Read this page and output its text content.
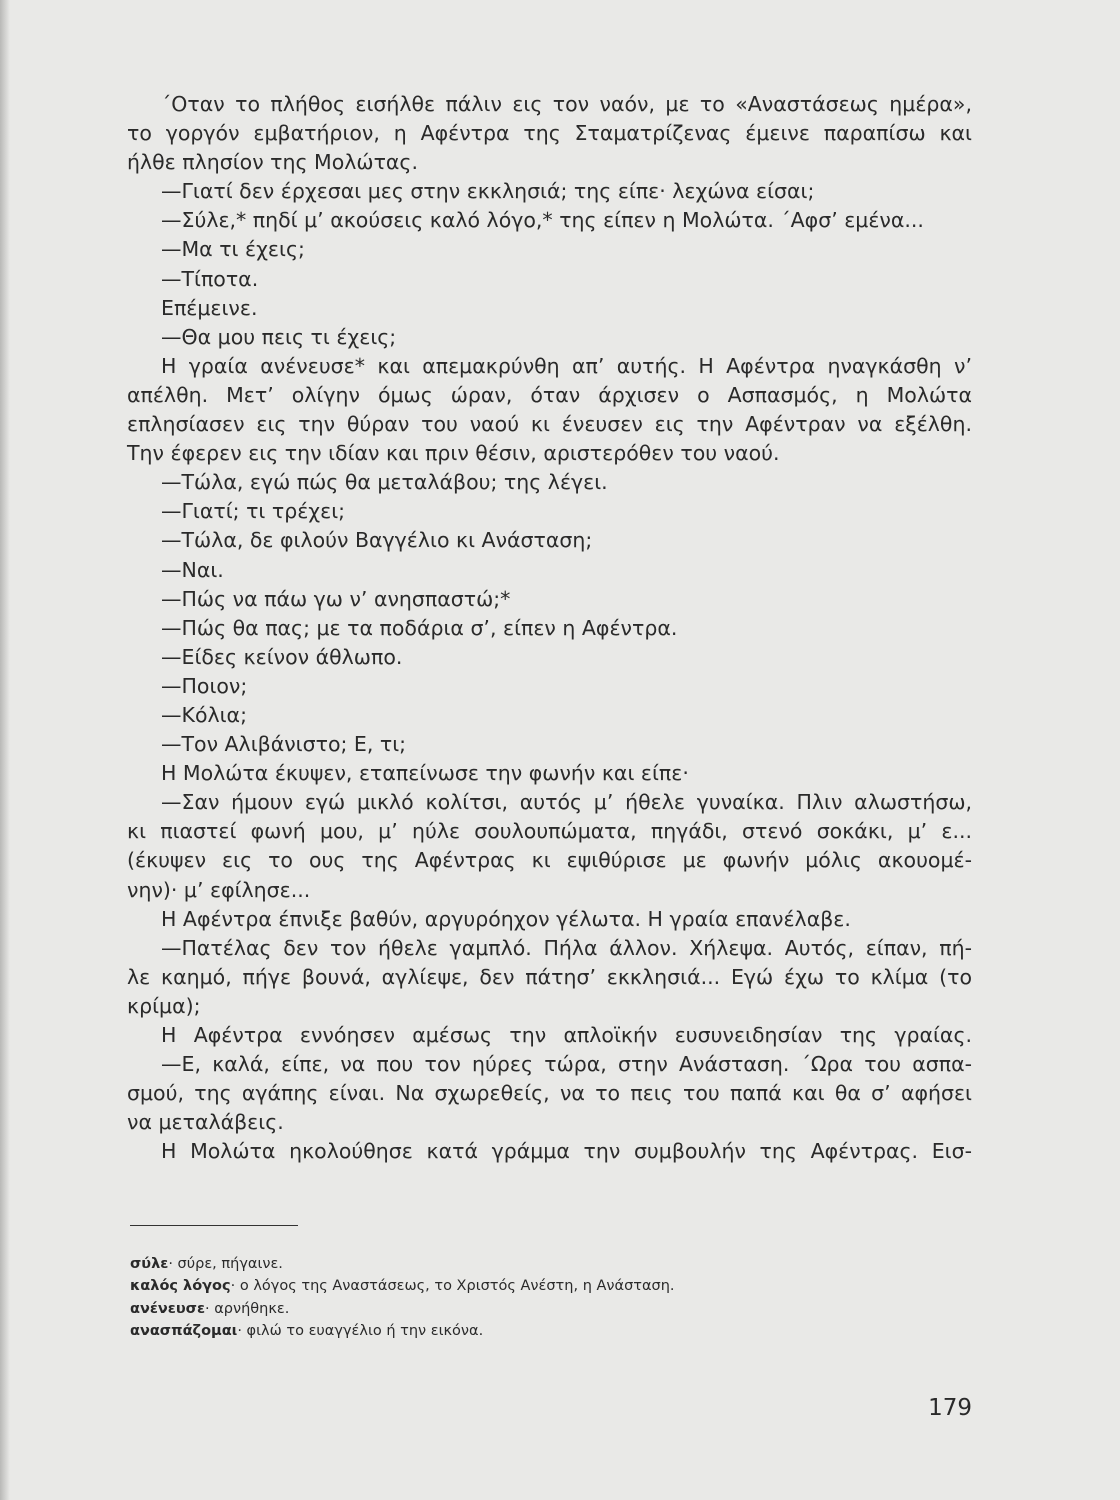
΄Οταν το πλήθος εισήλθε πάλιν εις τον ναόν, με το «Αναστάσεως ημέρα»,
το γοργόν εμβατήριον, η Αφέντρα της Σταματρίζενας έμεινε παραπίσω και
ήλθε πλησίον της Μολώτας.
—Γιατί δεν έρχεσαι μες στην εκκλησιά; της είπε· λεχώνα είσαι;
—Σύλε,* πηδί μ’ ακούσεις καλό λόγο,* της είπεν η Μολώτα. ΄Αφσ’ εμένα...
—Μα τι έχεις;
—Τίποτα.
Επέμεινε.
—Θα μου πεις τι έχεις;
Η γραία ανένευσε* και απεμακρύνθη απ’ αυτής. Η Αφέντρα ηναγκάσθη ν’
απέλθη. Μετ’ ολίγην όμως ώραν, όταν άρχισεν ο Ασπασμός, η Μολώτα
επλησίασεν εις την θύραν του ναού κι ένευσεν εις την Αφέντραν να εξέλθη.
Την έφερεν εις την ιδίαν και πριν θέσιν, αριστερόθεν του ναού.
—Τώλα, εγώ πώς θα μεταλάβου; της λέγει.
—Γιατί; τι τρέχει;
—Τώλα, δε φιλούν Βαγγέλιο κι Ανάσταση;
—Ναι.
—Πώς να πάω γω ν’ ανησπαστώ;*
—Πώς θα πας; με τα ποδάρια σ’, είπεν η Αφέντρα.
—Είδες κείνον άθλωπο.
—Ποιον;
—Κόλια;
—Τον Αλιβάνιστο; Ε, τι;
Η Μολώτα έκυψεν, εταπείνωσε την φωνήν και είπε·
—Σαν ήμουν εγώ μικλό κολίτσι, αυτός μ’ ήθελε γυναίκα. Πλιν αλωστήσω,
κι πιαστεί φωνή μου, μ’ ηύλε σουλουπώματα, πηγάδι, στενό σοκάκι, μ’ ε...
(έκυψεν εις το ους της Αφέντρας κι εψιθύρισε με φωνήν μόλις ακουομέ-
νην)· μ’ εφίλησε...
Η Αφέντρα έπνιξε βαθύν, αργυρόηχον γέλωτα. Η γραία επανέλαβε.
—Πατέλας δεν τον ήθελε γαμπλό. Πήλα άλλον. Χήλεψα. Αυτός, είπαν, πή-
λε καημό, πήγε βουνά, αγλίεψε, δεν πάτησ’ εκκλησιά... Εγώ έχω το κλίμα (το
κρίμα);
Η Αφέντρα εννόησεν αμέσως την απλοϊκήν ευσυνειδησίαν της γραίας.
—Ε, καλά, είπε, να που τον ηύρες τώρα, στην Ανάσταση. ΄Ωρα του ασπα-
σμού, της αγάπης είναι. Να σχωρεθείς, να το πεις του παπά και θα σ’ αφήσει
να μεταλάβεις.
Η Μολώτα ηκολούθησε κατά γράμμα την συμβουλήν της Αφέντρας. Εισ-
σύλε· σύρε, πήγαινε.
καλός λόγος· ο λόγος της Αναστάσεως, το Χριστός Ανέστη, η Ανάσταση.
ανένευσε· αρνήθηκε.
ανασπάζομαι· φιλώ το ευαγγέλιο ή την εικόνα.
179
